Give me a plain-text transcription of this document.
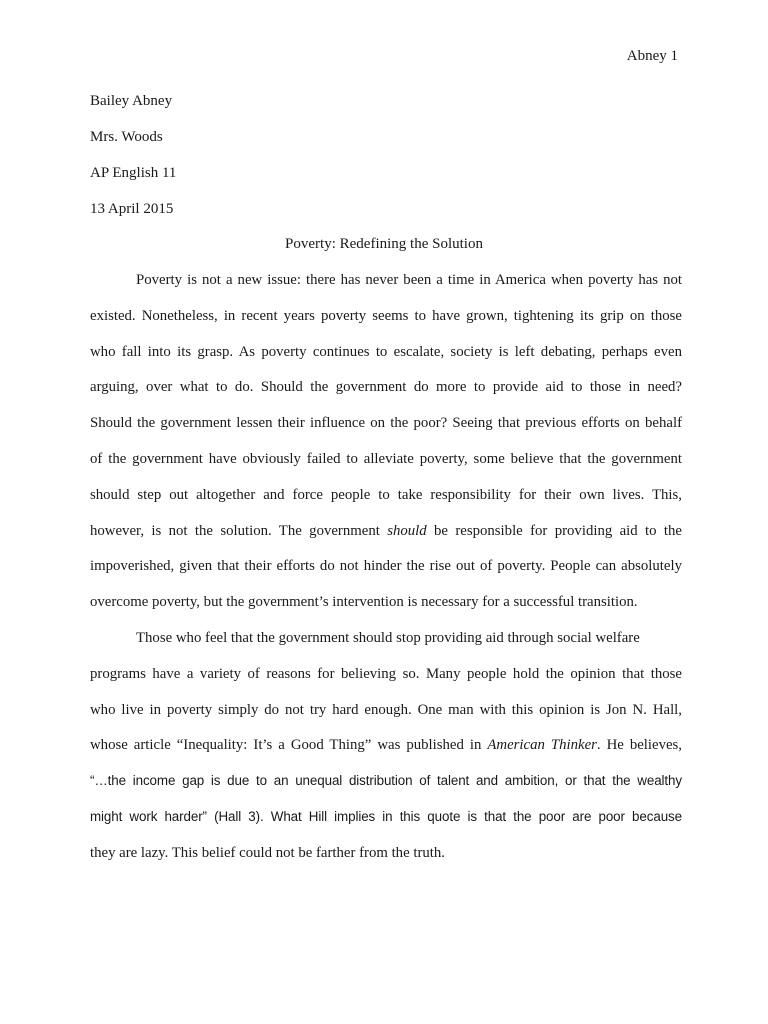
Abney 1
Bailey Abney
Mrs. Woods
AP English 11
13 April 2015
Poverty: Redefining the Solution
Poverty is not a new issue: there has never been a time in America when poverty has not
existed. Nonetheless, in recent years poverty seems to have grown, tightening its grip on those
who fall into its grasp. As poverty continues to escalate, society is left debating, perhaps even
arguing, over what to do. Should the government do more to provide aid to those in need?
Should the government lessen their influence on the poor? Seeing that previous efforts on behalf
of the government have obviously failed to alleviate poverty, some believe that the government
should step out altogether and force people to take responsibility for their own lives. This,
however, is not the solution. The government should be responsible for providing aid to the
impoverished, given that their efforts do not hinder the rise out of poverty. People can absolutely
overcome poverty, but the government’s intervention is necessary for a successful transition.
Those who feel that the government should stop providing aid through social welfare
programs have a variety of reasons for believing so. Many people hold the opinion that those
who live in poverty simply do not try hard enough. One man with this opinion is Jon N. Hall,
whose article “Inequality: It’s a Good Thing” was published in American Thinker. He believes,
“…the income gap is due to an unequal distribution of talent and ambition, or that the wealthy
might work harder” (Hall 3). What Hill implies in this quote is that the poor are poor because
they are lazy. This belief could not be farther from the truth.
